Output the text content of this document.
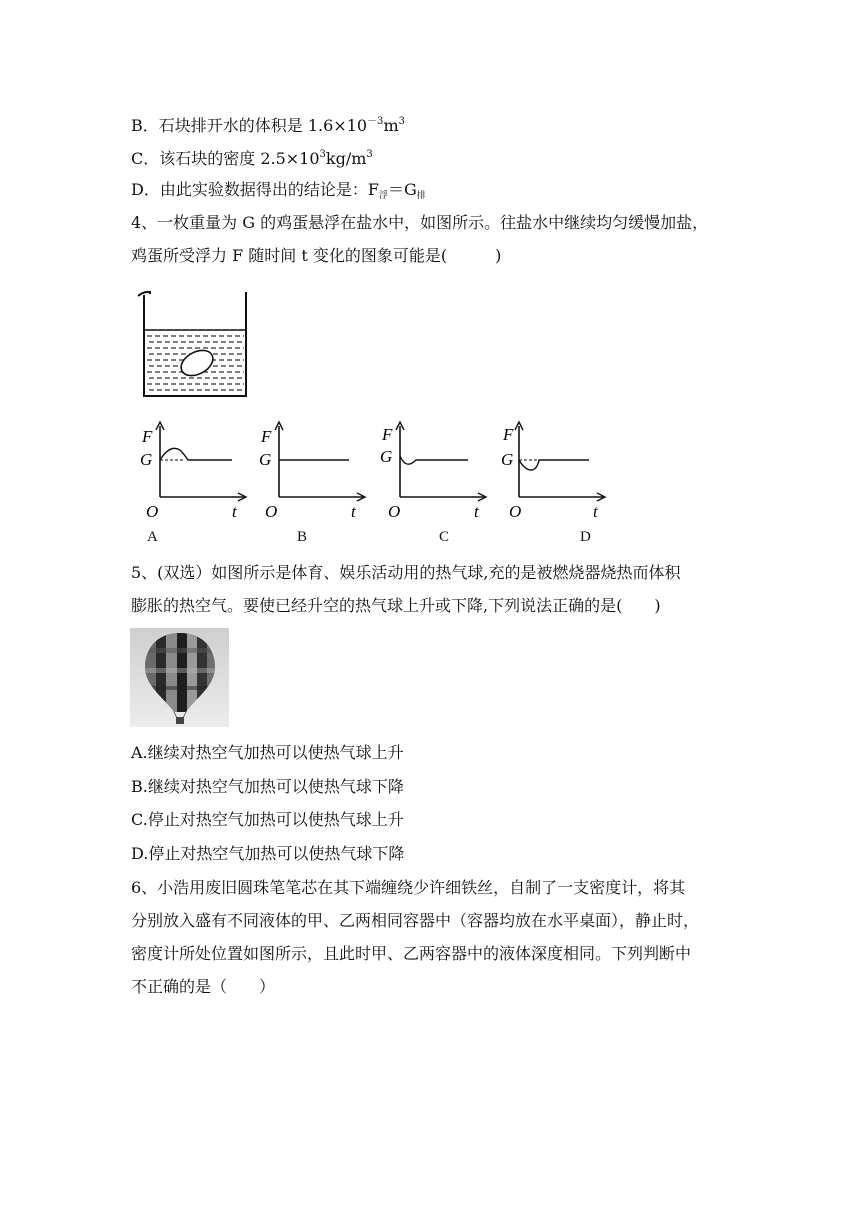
B．石块排开水的体积是 $1.6\times 10^{-3}m^3$
C．该石块的密度 $2.5\times 10^3kg/m^3$
D．由此实验数据得出的结论是：$F_浮=G_排$
4、一枚重量为 G 的鸡蛋悬浮在盐水中，如图所示。往盐水中继续均匀缓慢加盐，
鸡蛋所受浮力 F 随时间 t 变化的图象可能是(　　　)
F
G
O	t
F
G
O	t
F
G
O	t
F
G
O	t
A	B	C	D
5、(双选）如图所示是体育、娱乐活动用的热气球,充的是被燃烧器烧热而体积
膨胀的热空气。要使已经升空的热气球上升或下降,下列说法正确的是(　　)
A.继续对热空气加热可以使热气球上升
B.继续对热空气加热可以使热气球下降
C.停止对热空气加热可以使热气球上升
D.停止对热空气加热可以使热气球下降
6、小浩用废旧圆珠笔笔芯在其下端缠绕少许细铁丝，自制了一支密度计，将其
分别放入盛有不同液体的甲、乙两相同容器中（容器均放在水平桌面），静止时，
密度计所处位置如图所示，且此时甲、乙两容器中的液体深度相同。下列判断中
不正确的是（　　）
